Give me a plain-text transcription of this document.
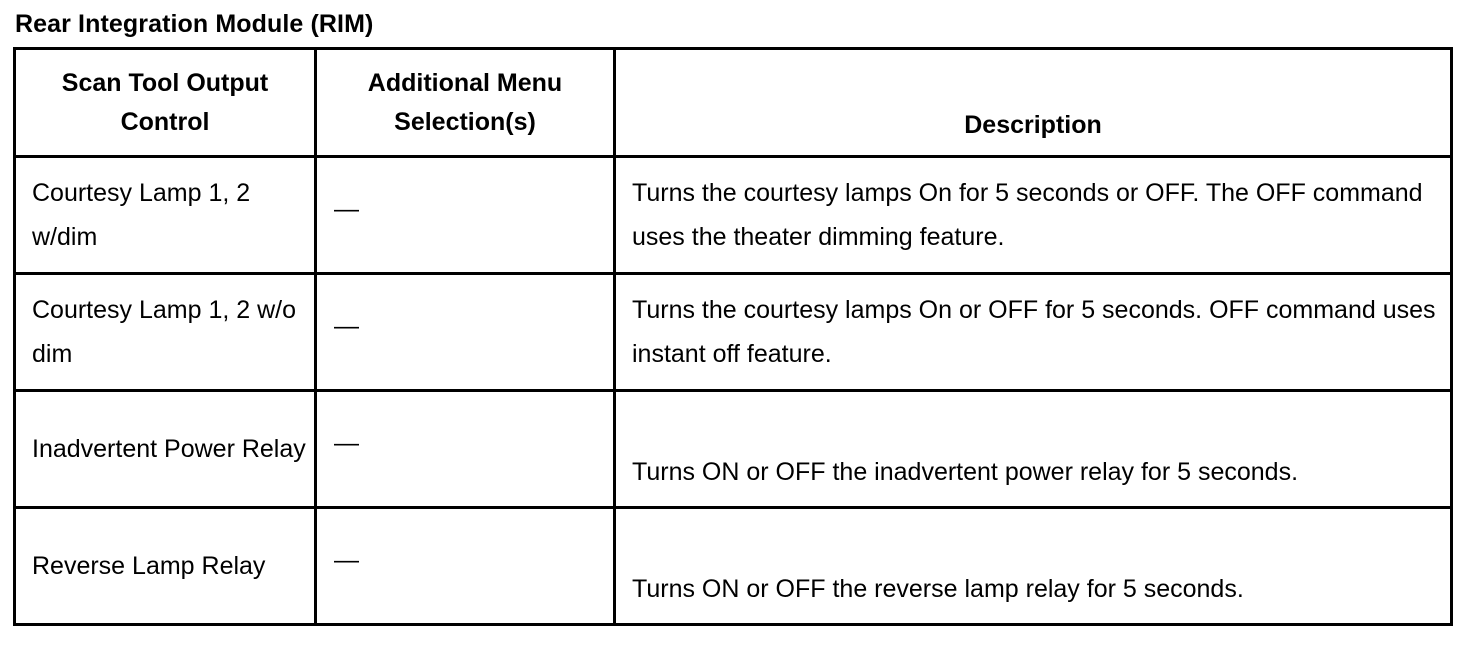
Rear Integration Module (RIM)
Scan Tool Output Control	Additional Menu Selection(s)	Description

Courtesy Lamp 1, 2 w/dim	—	Turns the courtesy lamps On for 5 seconds or OFF. The OFF command uses the theater dimming feature.
Courtesy Lamp 1, 2 w/o dim	—	Turns the courtesy lamps On or OFF for 5 seconds. OFF command uses instant off feature.
Inadvertent Power Relay	—	Turns ON or OFF the inadvertent power relay for 5 seconds.

Reverse Lamp Relay	—	Turns ON or OFF the reverse lamp relay for 5 seconds.
